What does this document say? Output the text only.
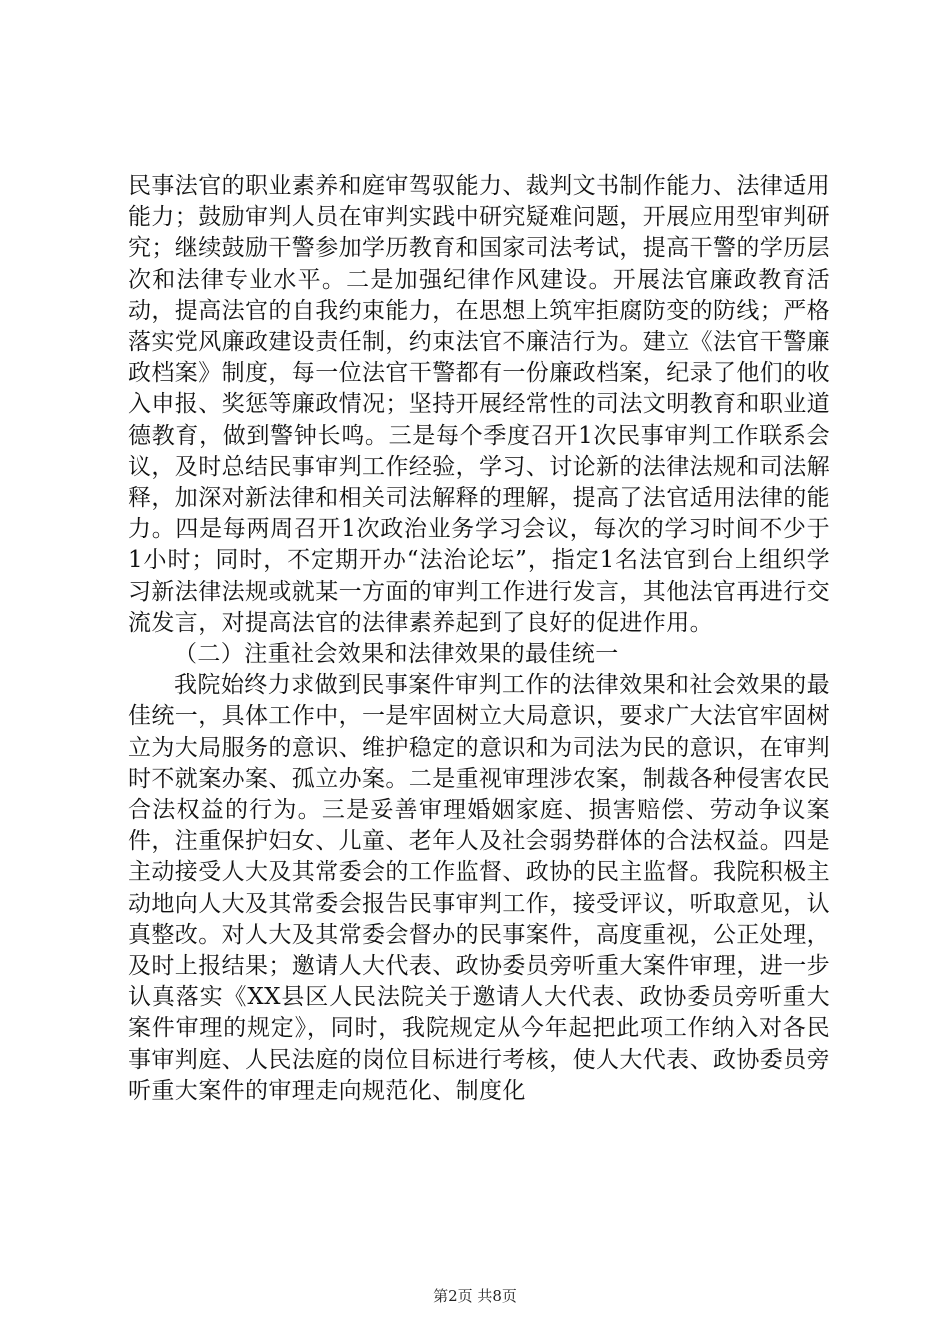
民事法官的职业素养和庭审驾驭能力、裁判文书制作能力、法律适用能力；鼓励审判人员在审判实践中研究疑难问题，开展应用型审判研究；继续鼓励干警参加学历教育和国家司法考试，提高干警的学历层次和法律专业水平。二是加强纪律作风建设。开展法官廉政教育活动，提高法官的自我约束能力，在思想上筑牢拒腐防变的防线；严格落实党风廉政建设责任制，约束法官不廉洁行为。建立《法官干警廉政档案》制度，每一位法官干警都有一份廉政档案，纪录了他们的收入申报、奖惩等廉政情况；坚持开展经常性的司法文明教育和职业道德教育，做到警钟长鸣。三是每个季度召开1次民事审判工作联系会议，及时总结民事审判工作经验，学习、讨论新的法律法规和司法解释，加深对新法律和相关司法解释的理解，提高了法官适用法律的能力。四是每两周召开1次政治业务学习会议，每次的学习时间不少于1小时；同时，不定期开办“法治论坛”，指定1名法官到台上组织学习新法律法规或就某一方面的审判工作进行发言，其他法官再进行交流发言，对提高法官的法律素养起到了良好的促进作用。

（二）注重社会效果和法律效果的最佳统一

我院始终力求做到民事案件审判工作的法律效果和社会效果的最佳统一，具体工作中，一是牢固树立大局意识，要求广大法官牢固树立为大局服务的意识、维护稳定的意识和为司法为民的意识，在审判时不就案办案、孤立办案。二是重视审理涉农案，制裁各种侵害农民合法权益的行为。三是妥善审理婚姻家庭、损害赔偿、劳动争议案件，注重保护妇女、儿童、老年人及社会弱势群体的合法权益。四是主动接受人大及其常委会的工作监督、政协的民主监督。我院积极主动地向人大及其常委会报告民事审判工作，接受评议，听取意见，认真整改。对人大及其常委会督办的民事案件，高度重视，公正处理，及时上报结果；邀请人大代表、政协委员旁听重大案件审理，进一步认真落实《XX县区人民法院关于邀请人大代表、政协委员旁听重大案件审理的规定》，同时，我院规定从今年起把此项工作纳入对各民事审判庭、人民法庭的岗位目标进行考核，使人大代表、政协委员旁听重大案件的审理走向规范化、制度化

第2页 共8页
